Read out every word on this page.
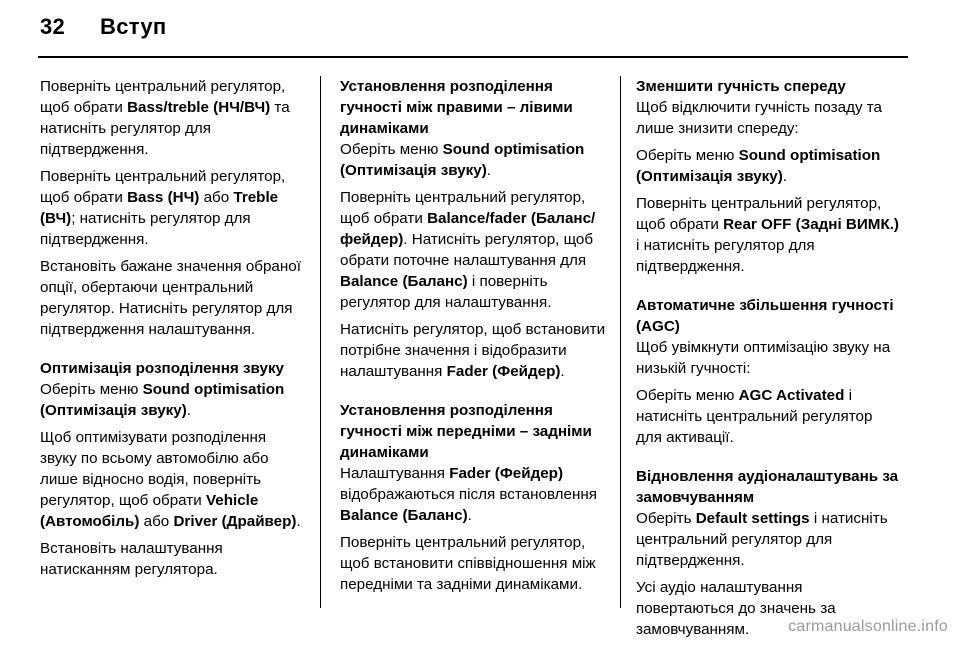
32 Вступ

Поверніть центральний регулятор, щоб обрати Bass/treble (НЧ/ВЧ) та натисніть регулятор для підтвердження.

Поверніть центральний регулятор, щоб обрати Bass (НЧ) або Treble (ВЧ); натисніть регулятор для підтвердження.

Встановіть бажане значення обраної опції, обертаючи центральний регулятор. Натисніть регулятор для підтвердження налаштування.

Оптимізація розподілення звуку

Оберіть меню Sound optimisation (Оптимізація звуку).

Щоб оптимізувати розподілення звуку по всьому автомобілю або лише відносно водія, поверніть регулятор, щоб обрати Vehicle (Автомобіль) або Driver (Драйвер).

Встановіть налаштування натисканням регулятора.

Установлення розподілення гучності між правими – лівими динаміками

Оберіть меню Sound optimisation (Оптимізація звуку).

Поверніть центральний регулятор, щоб обрати Balance/fader (Баланс/ фейдер). Натисніть регулятор, щоб обрати поточне налаштування для Balance (Баланс) і поверніть регулятор для налаштування.

Натисніть регулятор, щоб встановити потрібне значення і відобразити налаштування Fader (Фейдер).

Установлення розподілення гучності між передніми – задніми динаміками

Налаштування Fader (Фейдер) відображаються після встановлення Balance (Баланс).

Поверніть центральний регулятор, щоб встановити співвідношення між передніми та задніми динаміками.

Зменшити гучність спереду

Щоб відключити гучність позаду та лише знизити спереду:

Оберіть меню Sound optimisation (Оптимізація звуку).

Поверніть центральний регулятор, щоб обрати Rear OFF (Задні ВИМК.) і натисніть регулятор для підтвердження.

Автоматичне збільшення гучності (AGC)

Щоб увімкнути оптимізацію звуку на низькій гучності:

Оберіть меню AGC Activated і натисніть центральний регулятор для активації.

Відновлення аудіоналаштувань за замовчуванням

Оберіть Default settings і натисніть центральний регулятор для підтвердження.

Усі аудіо налаштування повертаються до значень за замовчуванням.	carmanualsonline.info
